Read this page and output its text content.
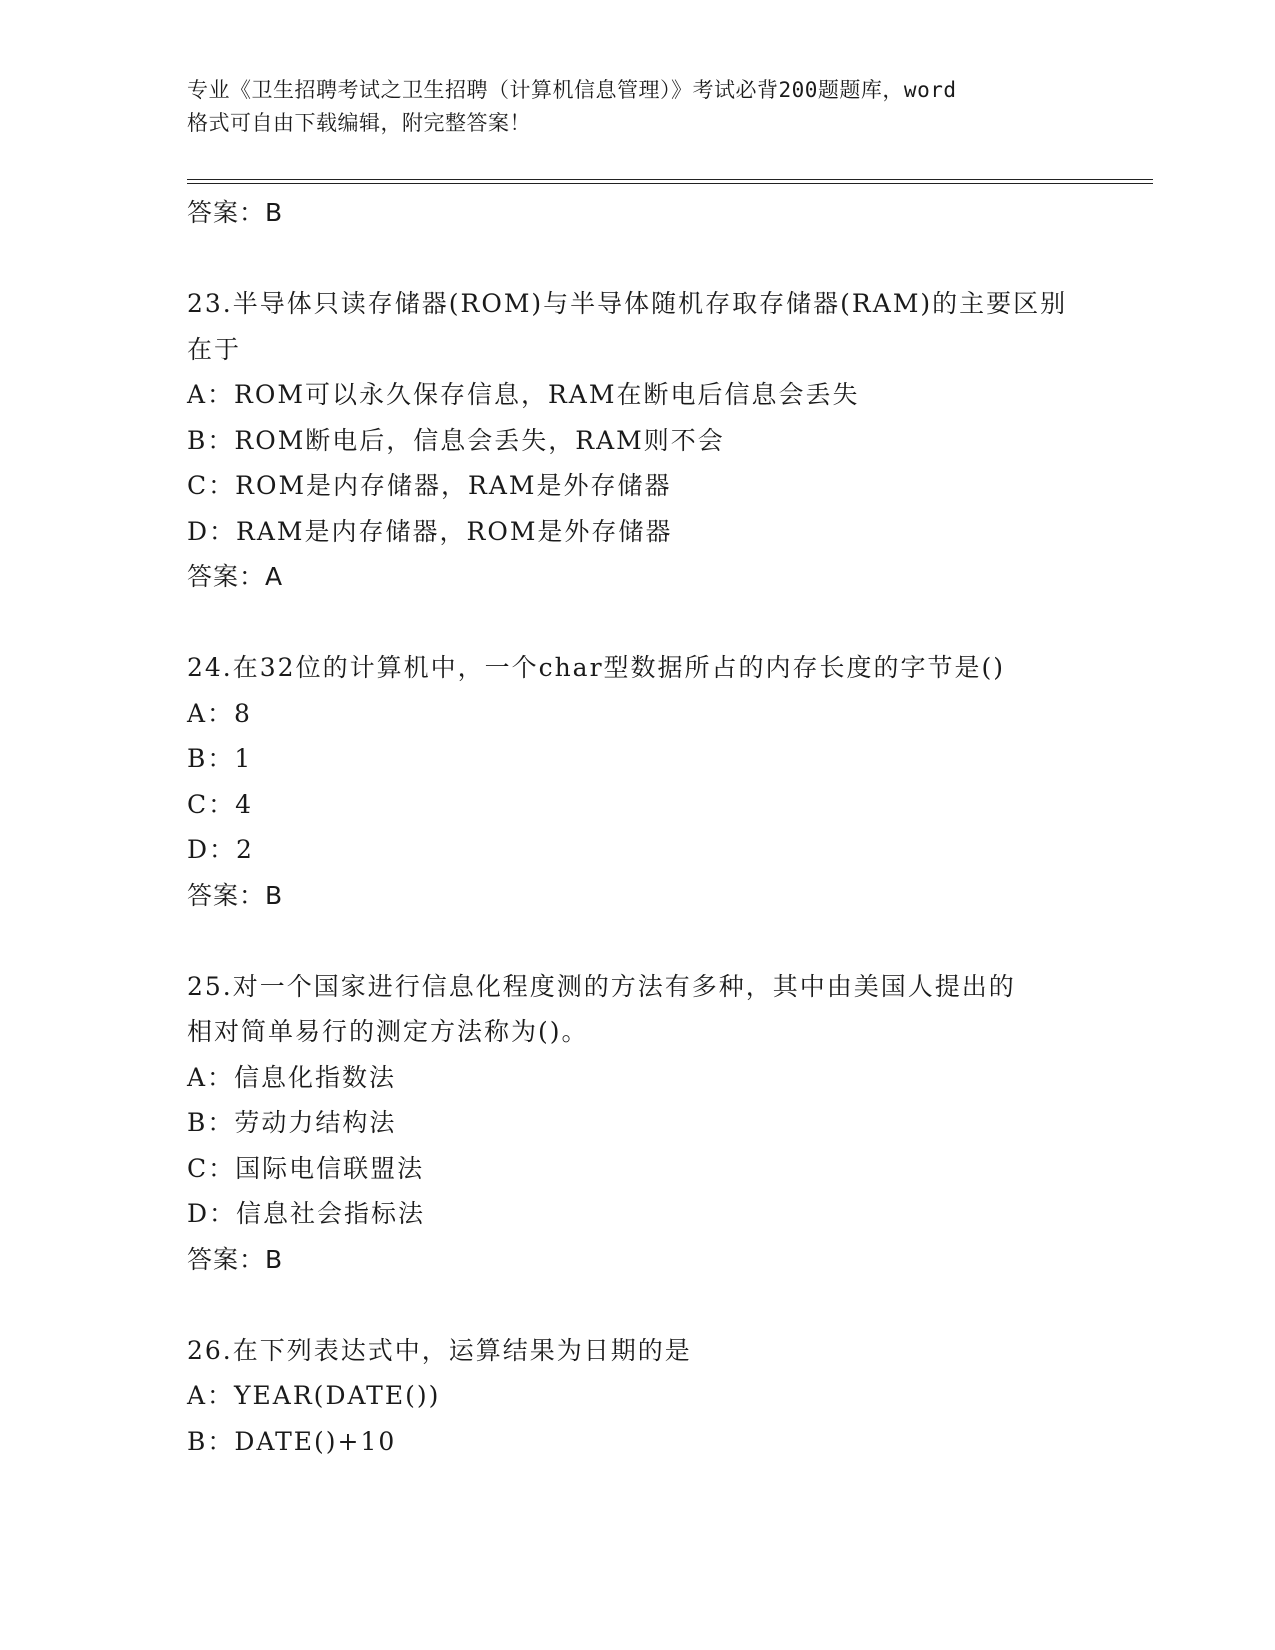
专业《卫生招聘考试之卫生招聘（计算机信息管理）》考试必背200题题库，word
格式可自由下载编辑，附完整答案！
答案：B
23.半导体只读存储器(ROM)与半导体随机存取存储器(RAM)的主要区别
在于
A：ROM可以永久保存信息，RAM在断电后信息会丢失
B：ROM断电后，信息会丢失，RAM则不会
C：ROM是内存储器，RAM是外存储器
D：RAM是内存储器，ROM是外存储器
答案：A
24.在32位的计算机中，一个char型数据所占的内存长度的字节是()
A：8
B：1
C：4
D：2
答案：B
25.对一个国家进行信息化程度测的方法有多种，其中由美国人提出的
相对简单易行的测定方法称为()。
A：信息化指数法
B：劳动力结构法
C：国际电信联盟法
D：信息社会指标法
答案：B
26.在下列表达式中，运算结果为日期的是
A：YEAR(DATE())
B：DATE()+10
